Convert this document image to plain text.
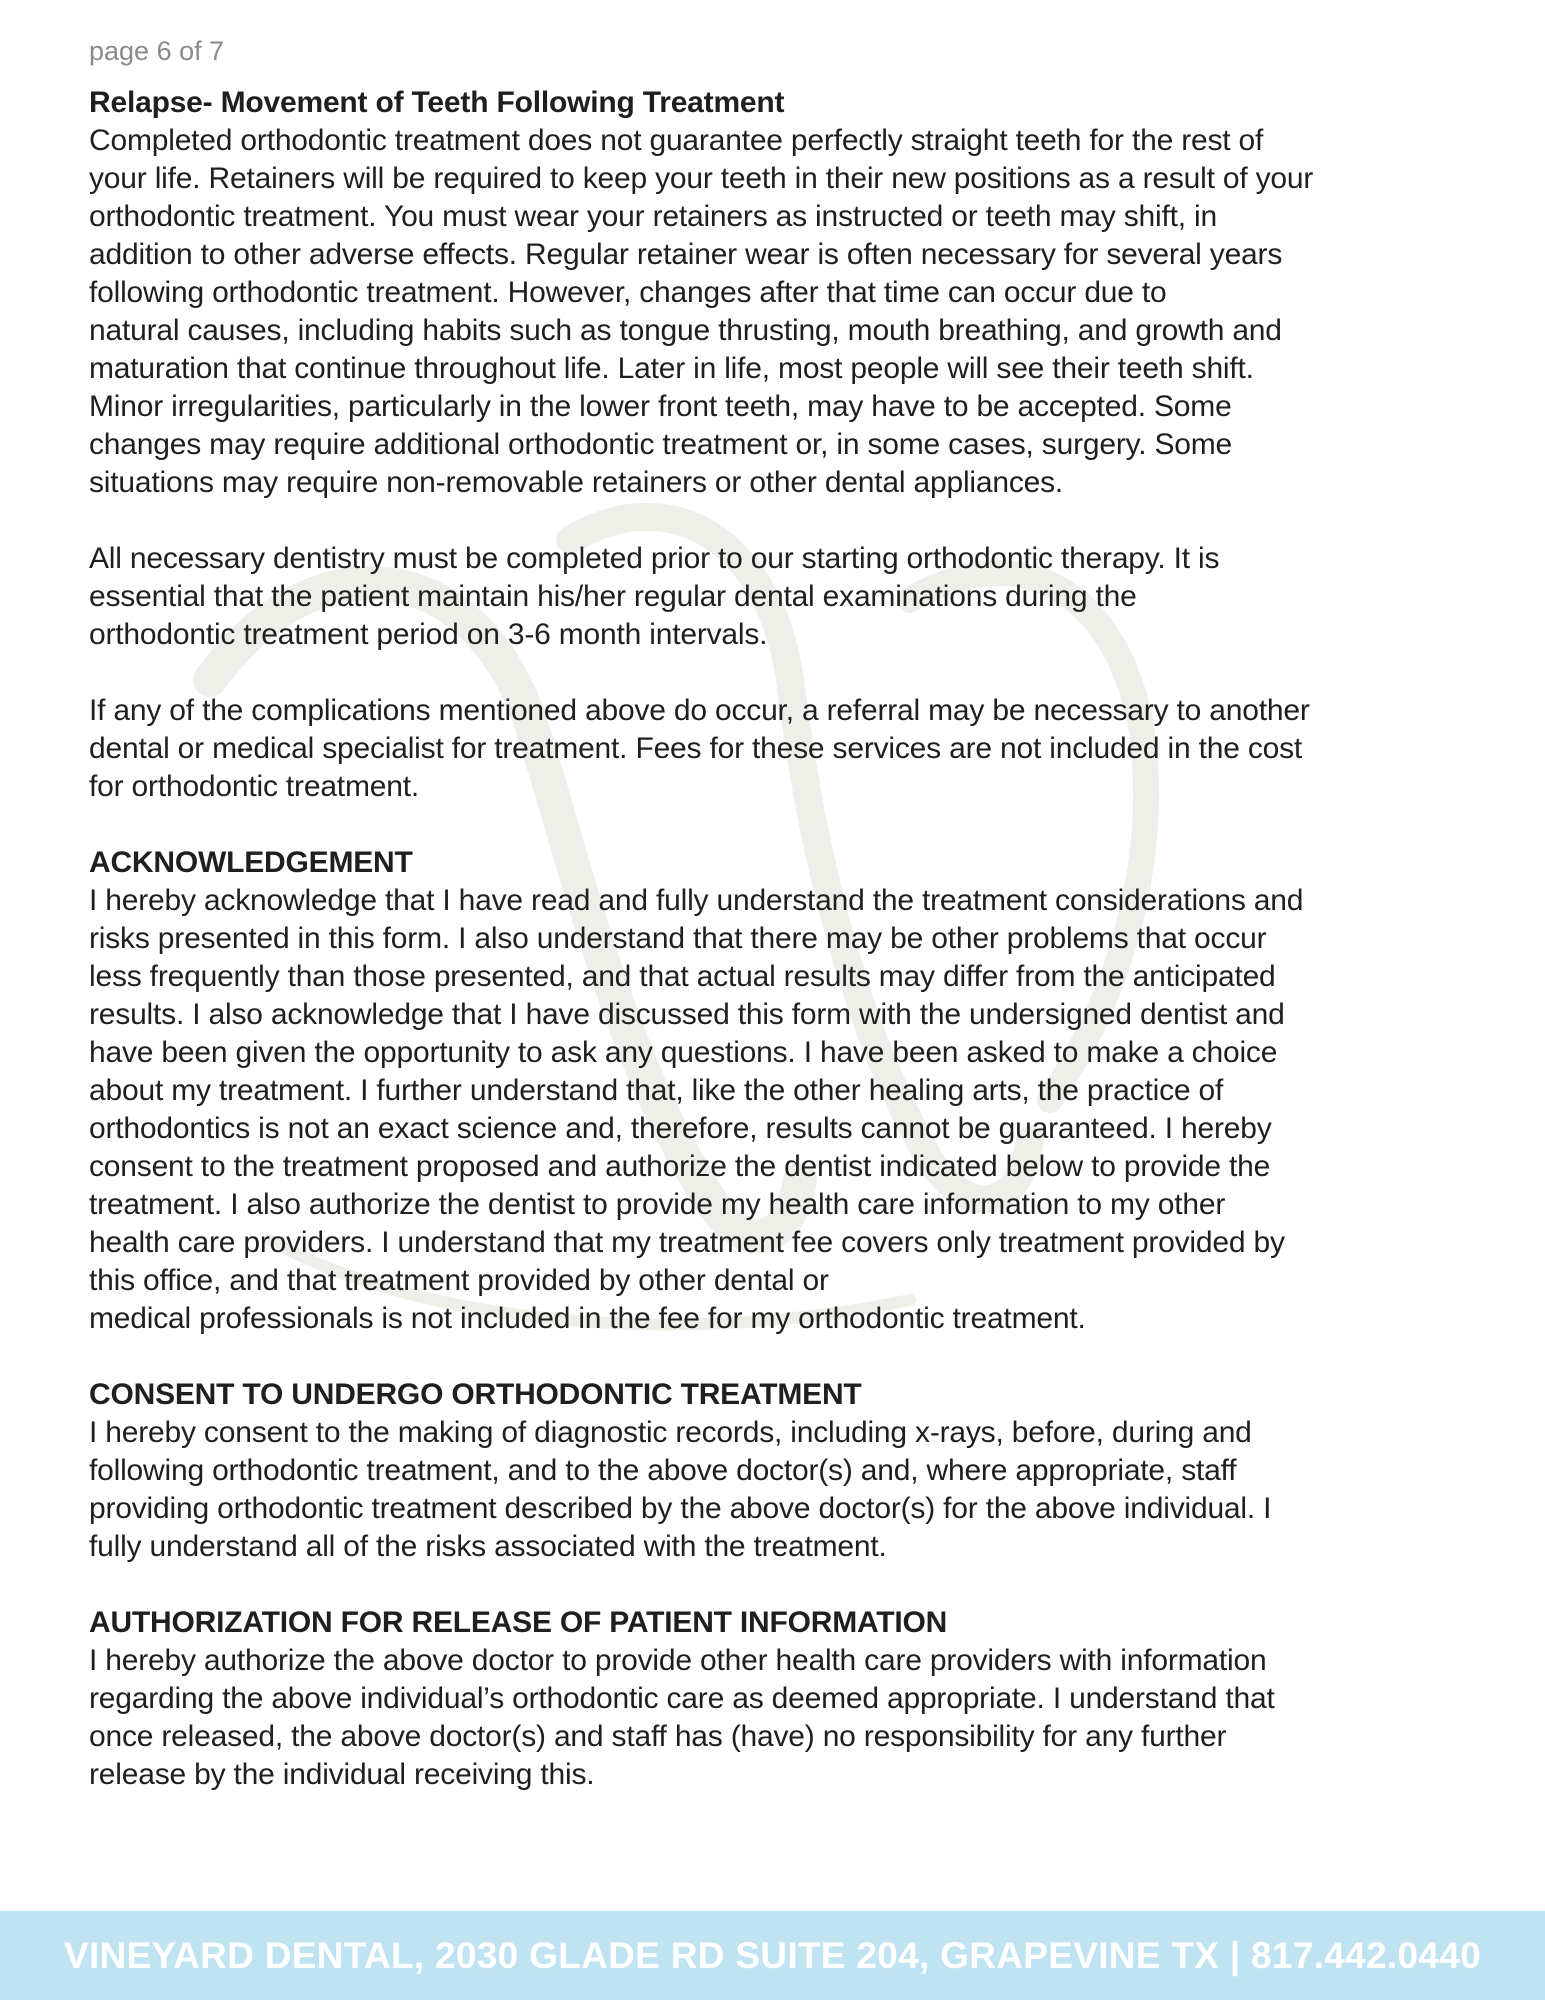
page 6 of 7

Relapse- Movement of Teeth Following Treatment

Completed orthodontic treatment does not guarantee perfectly straight teeth for the rest of
your life. Retainers will be required to keep your teeth in their new positions as a result of your
orthodontic treatment. You must wear your retainers as instructed or teeth may shift, in
addition to other adverse effects. Regular retainer wear is often necessary for several years
following orthodontic treatment. However, changes after that time can occur due to
natural causes, including habits such as tongue thrusting, mouth breathing, and growth and
maturation that continue throughout life. Later in life, most people will see their teeth shift.
Minor irregularities, particularly in the lower front teeth, may have to be accepted. Some
changes may require additional orthodontic treatment or, in some cases, surgery. Some
situations may require non-removable retainers or other dental appliances.

All necessary dentistry must be completed prior to our starting orthodontic therapy. It is
essential that the patient maintain his/her regular dental examinations during the
orthodontic treatment period on 3-6 month intervals.

If any of the complications mentioned above do occur, a referral may be necessary to another
dental or medical specialist for treatment. Fees for these services are not included in the cost
for orthodontic treatment.

ACKNOWLEDGEMENT

I hereby acknowledge that I have read and fully understand the treatment considerations and
risks presented in this form. I also understand that there may be other problems that occur
less frequently than those presented, and that actual results may differ from the anticipated
results. I also acknowledge that I have discussed this form with the undersigned dentist and
have been given the opportunity to ask any questions. I have been asked to make a choice
about my treatment. I further understand that, like the other healing arts, the practice of
orthodontics is not an exact science and, therefore, results cannot be guaranteed. I hereby
consent to the treatment proposed and authorize the dentist indicated below to provide the
treatment. I also authorize the dentist to provide my health care information to my other
health care providers. I understand that my treatment fee covers only treatment provided by
this office, and that treatment provided by other dental or
medical professionals is not included in the fee for my orthodontic treatment.

CONSENT TO UNDERGO ORTHODONTIC TREATMENT

I hereby consent to the making of diagnostic records, including x-rays, before, during and
following orthodontic treatment, and to the above doctor(s) and, where appropriate, staff
providing orthodontic treatment described by the above doctor(s) for the above individual. I
fully understand all of the risks associated with the treatment.

AUTHORIZATION FOR RELEASE OF PATIENT INFORMATION

I hereby authorize the above doctor to provide other health care providers with information
regarding the above individual’s orthodontic care as deemed appropriate. I understand that
once released, the above doctor(s) and staff has (have) no responsibility for any further
release by the individual receiving this.

VINEYARD DENTAL, 2030 GLADE RD SUITE 204, GRAPEVINE TX | 817.442.0440
